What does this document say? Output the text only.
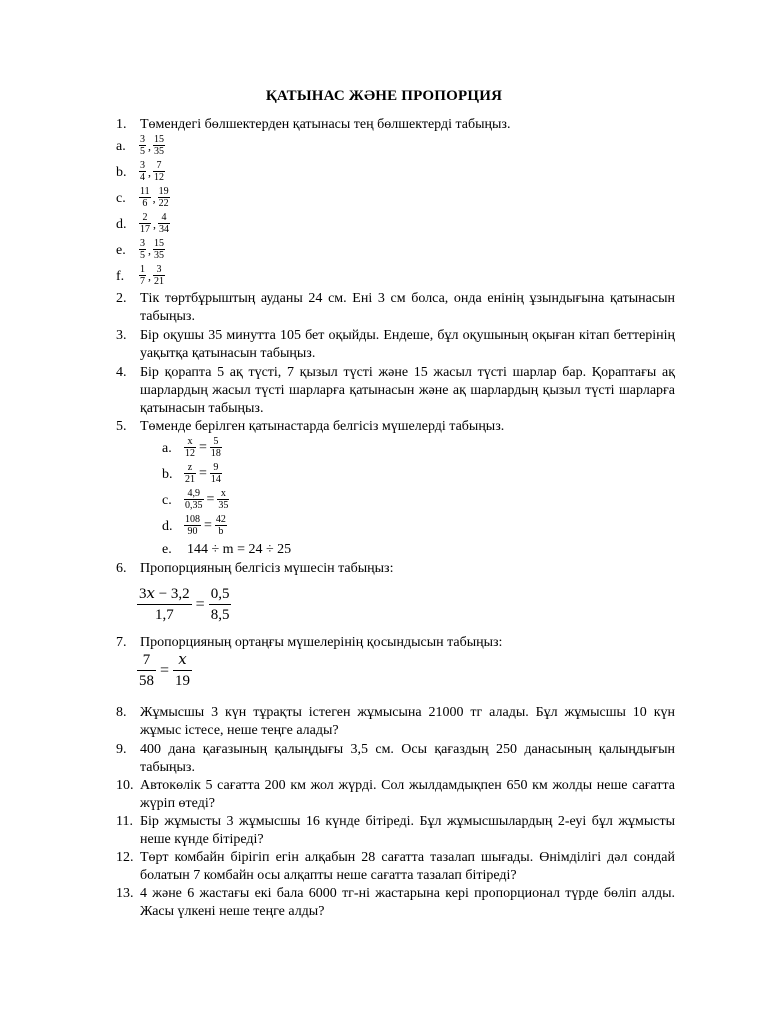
ҚАТЫНАС ЖӘНЕ ПРОПОРЦИЯ
1. Төмендегі бөлшектерден қатынасы тең бөлшектерді табыңыз.
a. $\frac{3}{5}$ , $\frac{15}{35}$
b. $\frac{3}{4}$ , $\frac{7}{12}$
c. $\frac{11}{6}$ , $\frac{19}{22}$
d. $\frac{2}{17}$ , $\frac{4}{34}$
e. $\frac{3}{5}$ , $\frac{15}{35}$
f. $\frac{1}{7}$ , $\frac{3}{21}$
2. Тік төртбұрыштың ауданы 24 см. Ені 3 см болса, онда енінің ұзындығына қатынасын табыңыз.
3. Бір оқушы 35 минутта 105 бет оқыйды. Ендеше, бұл оқушының оқыған кітап беттерінің уақытқа қатынасын табыңыз.
4. Бір қорапта 5 ақ түсті, 7 қызыл түсті және 15 жасыл түсті шарлар бар. Қораптағы ақ шарлардың жасыл түсті шарларға қатынасын және ақ шарлардың қызыл түсті шарларға қатынасын табыңыз.
5. Төменде берілген қатынастарда белгісіз мүшелерді табыңыз.
a. $\frac{x}{12} = \frac{5}{18}$
b. $\frac{z}{21} = \frac{9}{14}$
c. $\frac{4,9}{0,35} = \frac{x}{35}$
d. $\frac{108}{90} = \frac{42}{b}$
e. 144 ÷ m = 24 ÷ 25
6. Пропорцияның белгісіз мүшесін табыңыз:
3𝑥 − 3,2
1,7
= $\frac{0,5}{8,5}$
7. Пропорцияның ортаңғы мүшелерінің қосындысын табыңыз:
$\frac{7}{58}$ =
𝑥
19
8. Жұмысшы 3 күн тұрақты істеген жұмысына 21000 тг алады. Бұл жұмысшы 10 күн жұмыс істесе, неше теңге алады?
9. 400 дана қағазының қалыңдығы 3,5 см. Осы қағаздың 250 данасының қалыңдығын табыңыз.
10. Автокөлік 5 сағатта 200 км жол жүрді. Сол жылдамдықпен 650 км жолды неше сағатта жүріп өтеді?
11. Бір жұмысты 3 жұмысшы 16 күнде бітіреді. Бұл жұмысшылардың 2-еуі бұл жұмысты неше күнде бітіреді?
12. Төрт комбайн бірігіп егін алқабын 28 сағатта тазалап шығады. Өнімділігі дәл сондай болатын 7 комбайн осы алқапты неше сағатта тазалап бітіреді?
13. 4 және 6 жастағы екі бала 6000 тг-ні жастарына кері пропорционал түрде бөліп алды. Жасы үлкені неше теңге алды?
